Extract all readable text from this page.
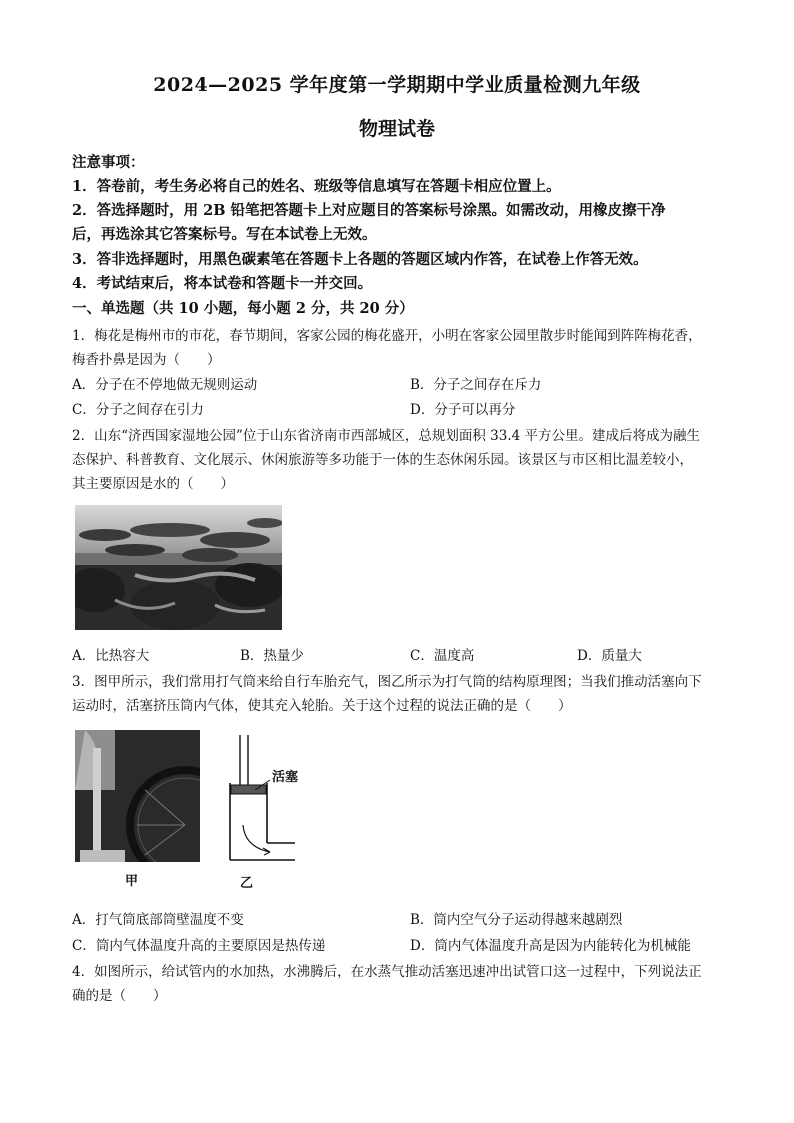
2024—2025 学年度第一学期期中学业质量检测九年级
物理试卷
注意事项：
1．答卷前，考生务必将自己的姓名、班级等信息填写在答题卡相应位置上。
2．答选择题时，用 2B 铅笔把答题卡上对应题目的答案标号涂黑。如需改动，用橡皮擦干净
后，再选涂其它答案标号。写在本试卷上无效。
3．答非选择题时，用黑色碳素笔在答题卡上各题的答题区域内作答，在试卷上作答无效。
4．考试结束后，将本试卷和答题卡一并交回。
一、单选题（共 10 小题，每小题 2 分，共 20 分）
1．梅花是梅州市的市花，春节期间，客家公园的梅花盛开，小明在客家公园里散步时能闻到阵阵梅花香，
梅香扑鼻是因为（　　）
A．分子在不停地做无规则运动	B．分子之间存在斥力
C．分子之间存在引力	D．分子可以再分
2．山东“济西国家湿地公园”位于山东省济南市西部城区，总规划面积 33.4 平方公里。建成后将成为融生
态保护、科普教育、文化展示、休闲旅游等多功能于一体的生态休闲乐园。该景区与市区相比温差较小，
其主要原因是水的（　　）
A．比热容大	B．热量少	C．温度高	D．质量大
3．图甲所示，我们常用打气筒来给自行车胎充气，图乙所示为打气筒的结构原理图；当我们推动活塞向下
运动时，活塞挤压筒内气体，使其充入轮胎。关于这个过程的说法正确的是（　　）
甲
活塞
乙
A．打气筒底部筒壁温度不变	B．筒内空气分子运动得越来越剧烈
C．筒内气体温度升高的主要原因是热传递	D．筒内气体温度升高是因为内能转化为机械能
4．如图所示，给试管内的水加热，水沸腾后，在水蒸气推动活塞迅速冲出试管口这一过程中，下列说法正
确的是（　　）
